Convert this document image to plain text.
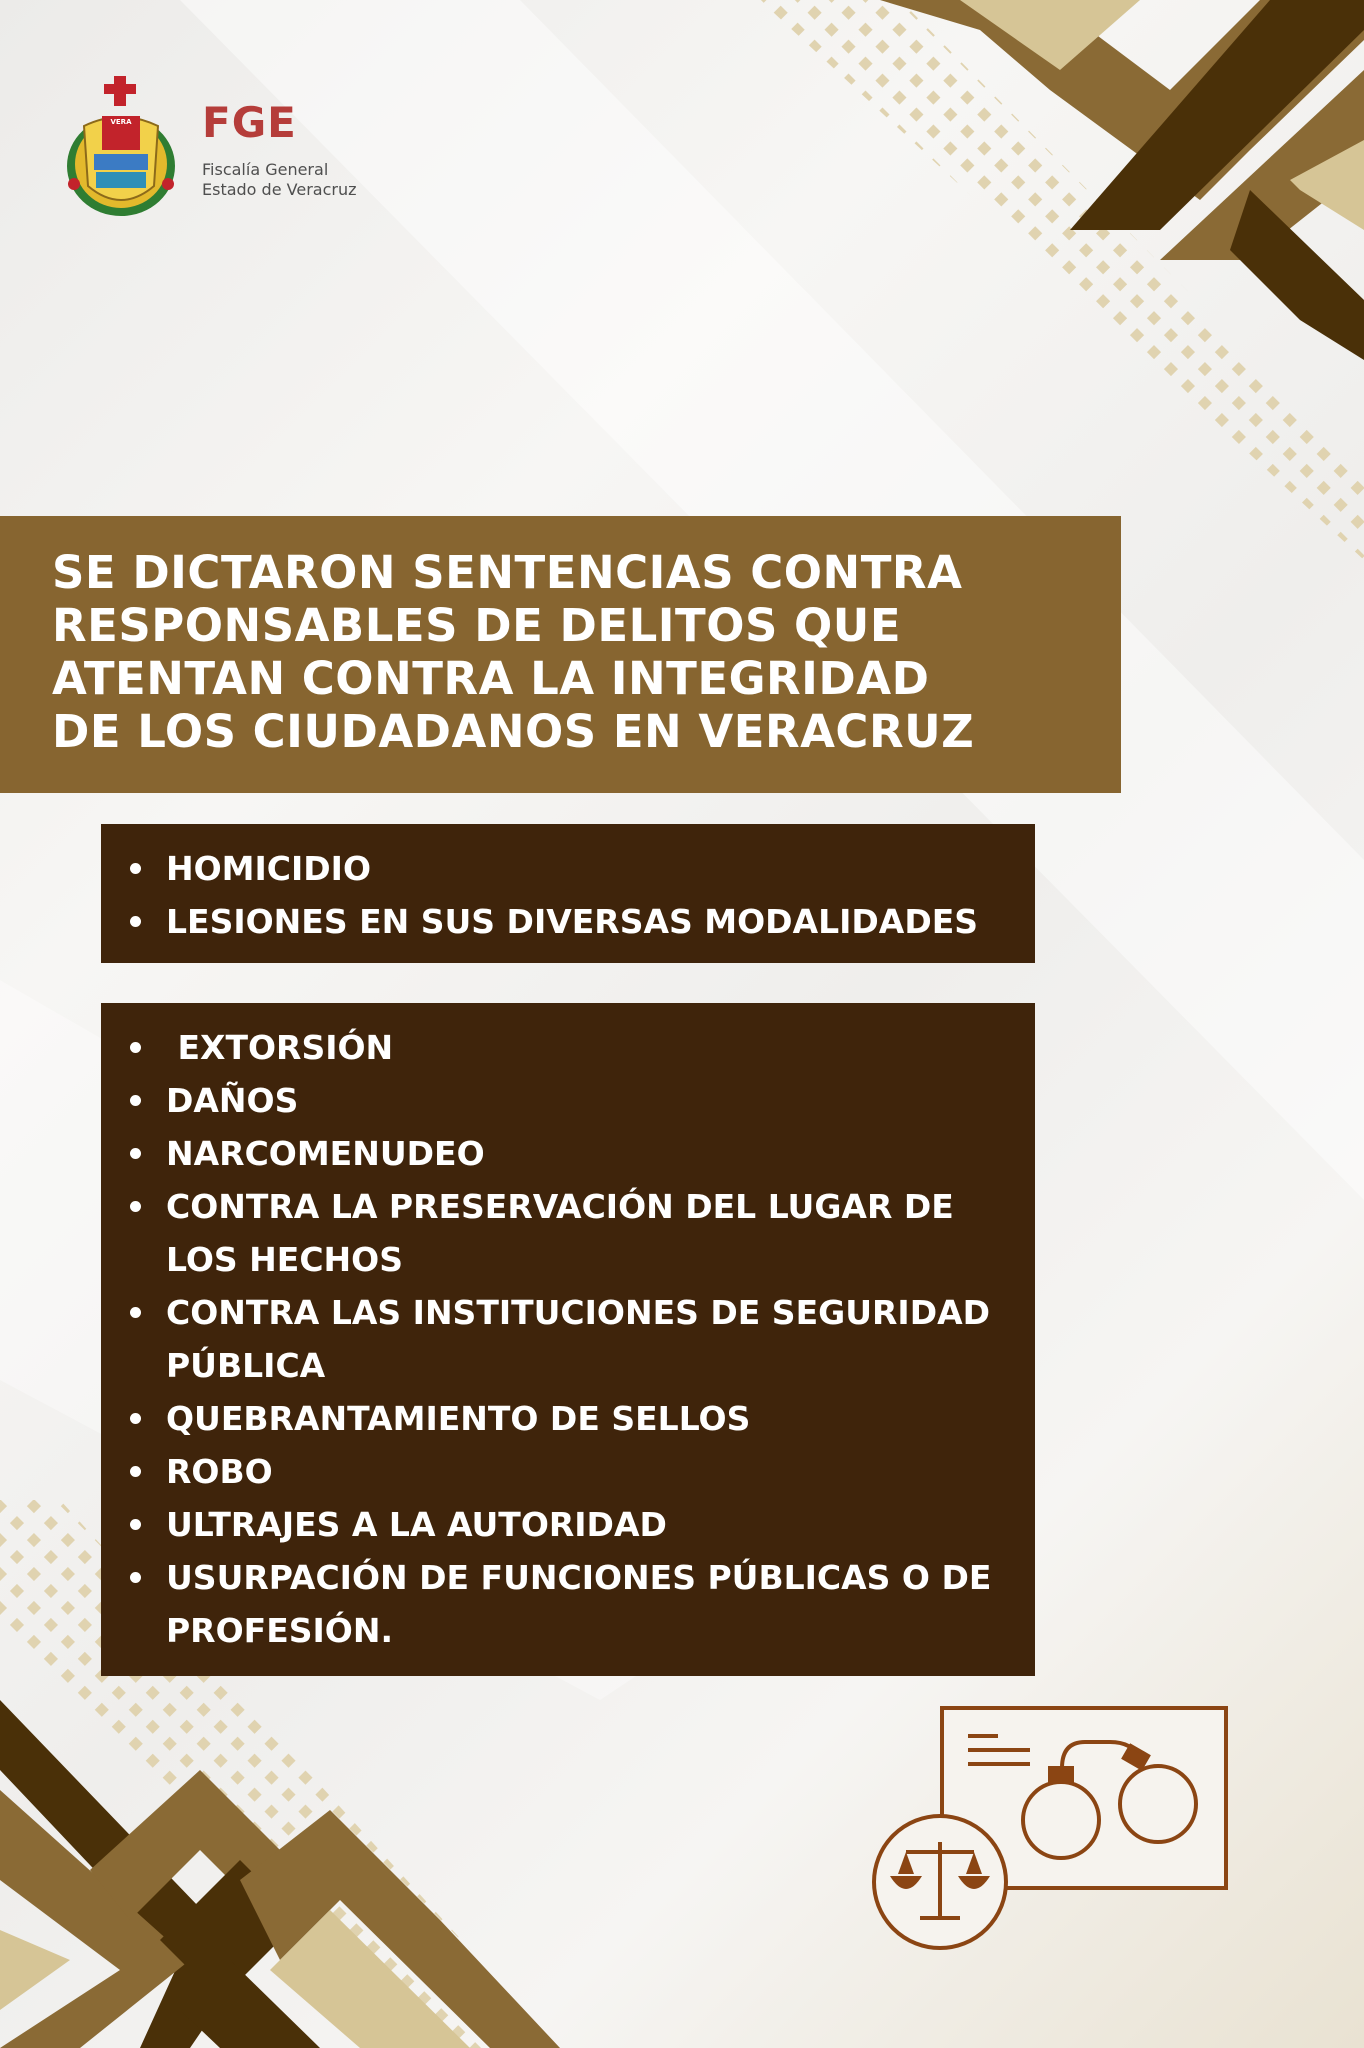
VERA FGE
Fiscalía General
Estado de Veracruz
SE DICTARON SENTENCIAS CONTRA
RESPONSABLES DE DELITOS QUE
ATENTAN CONTRA LA INTEGRIDAD
DE LOS CIUDADANOS EN VERACRUZ
HOMICIDIO
LESIONES EN SUS DIVERSAS MODALIDADES
EXTORSIÓN
DAÑOS
NARCOMENUDEO
CONTRA LA PRESERVACIÓN DEL LUGAR DE LOS HECHOS
CONTRA LAS INSTITUCIONES DE SEGURIDAD PÚBLICA
QUEBRANTAMIENTO DE SELLOS
ROBO
ULTRAJES A LA AUTORIDAD
USURPACIÓN DE FUNCIONES PÚBLICAS O DE PROFESIÓN.
